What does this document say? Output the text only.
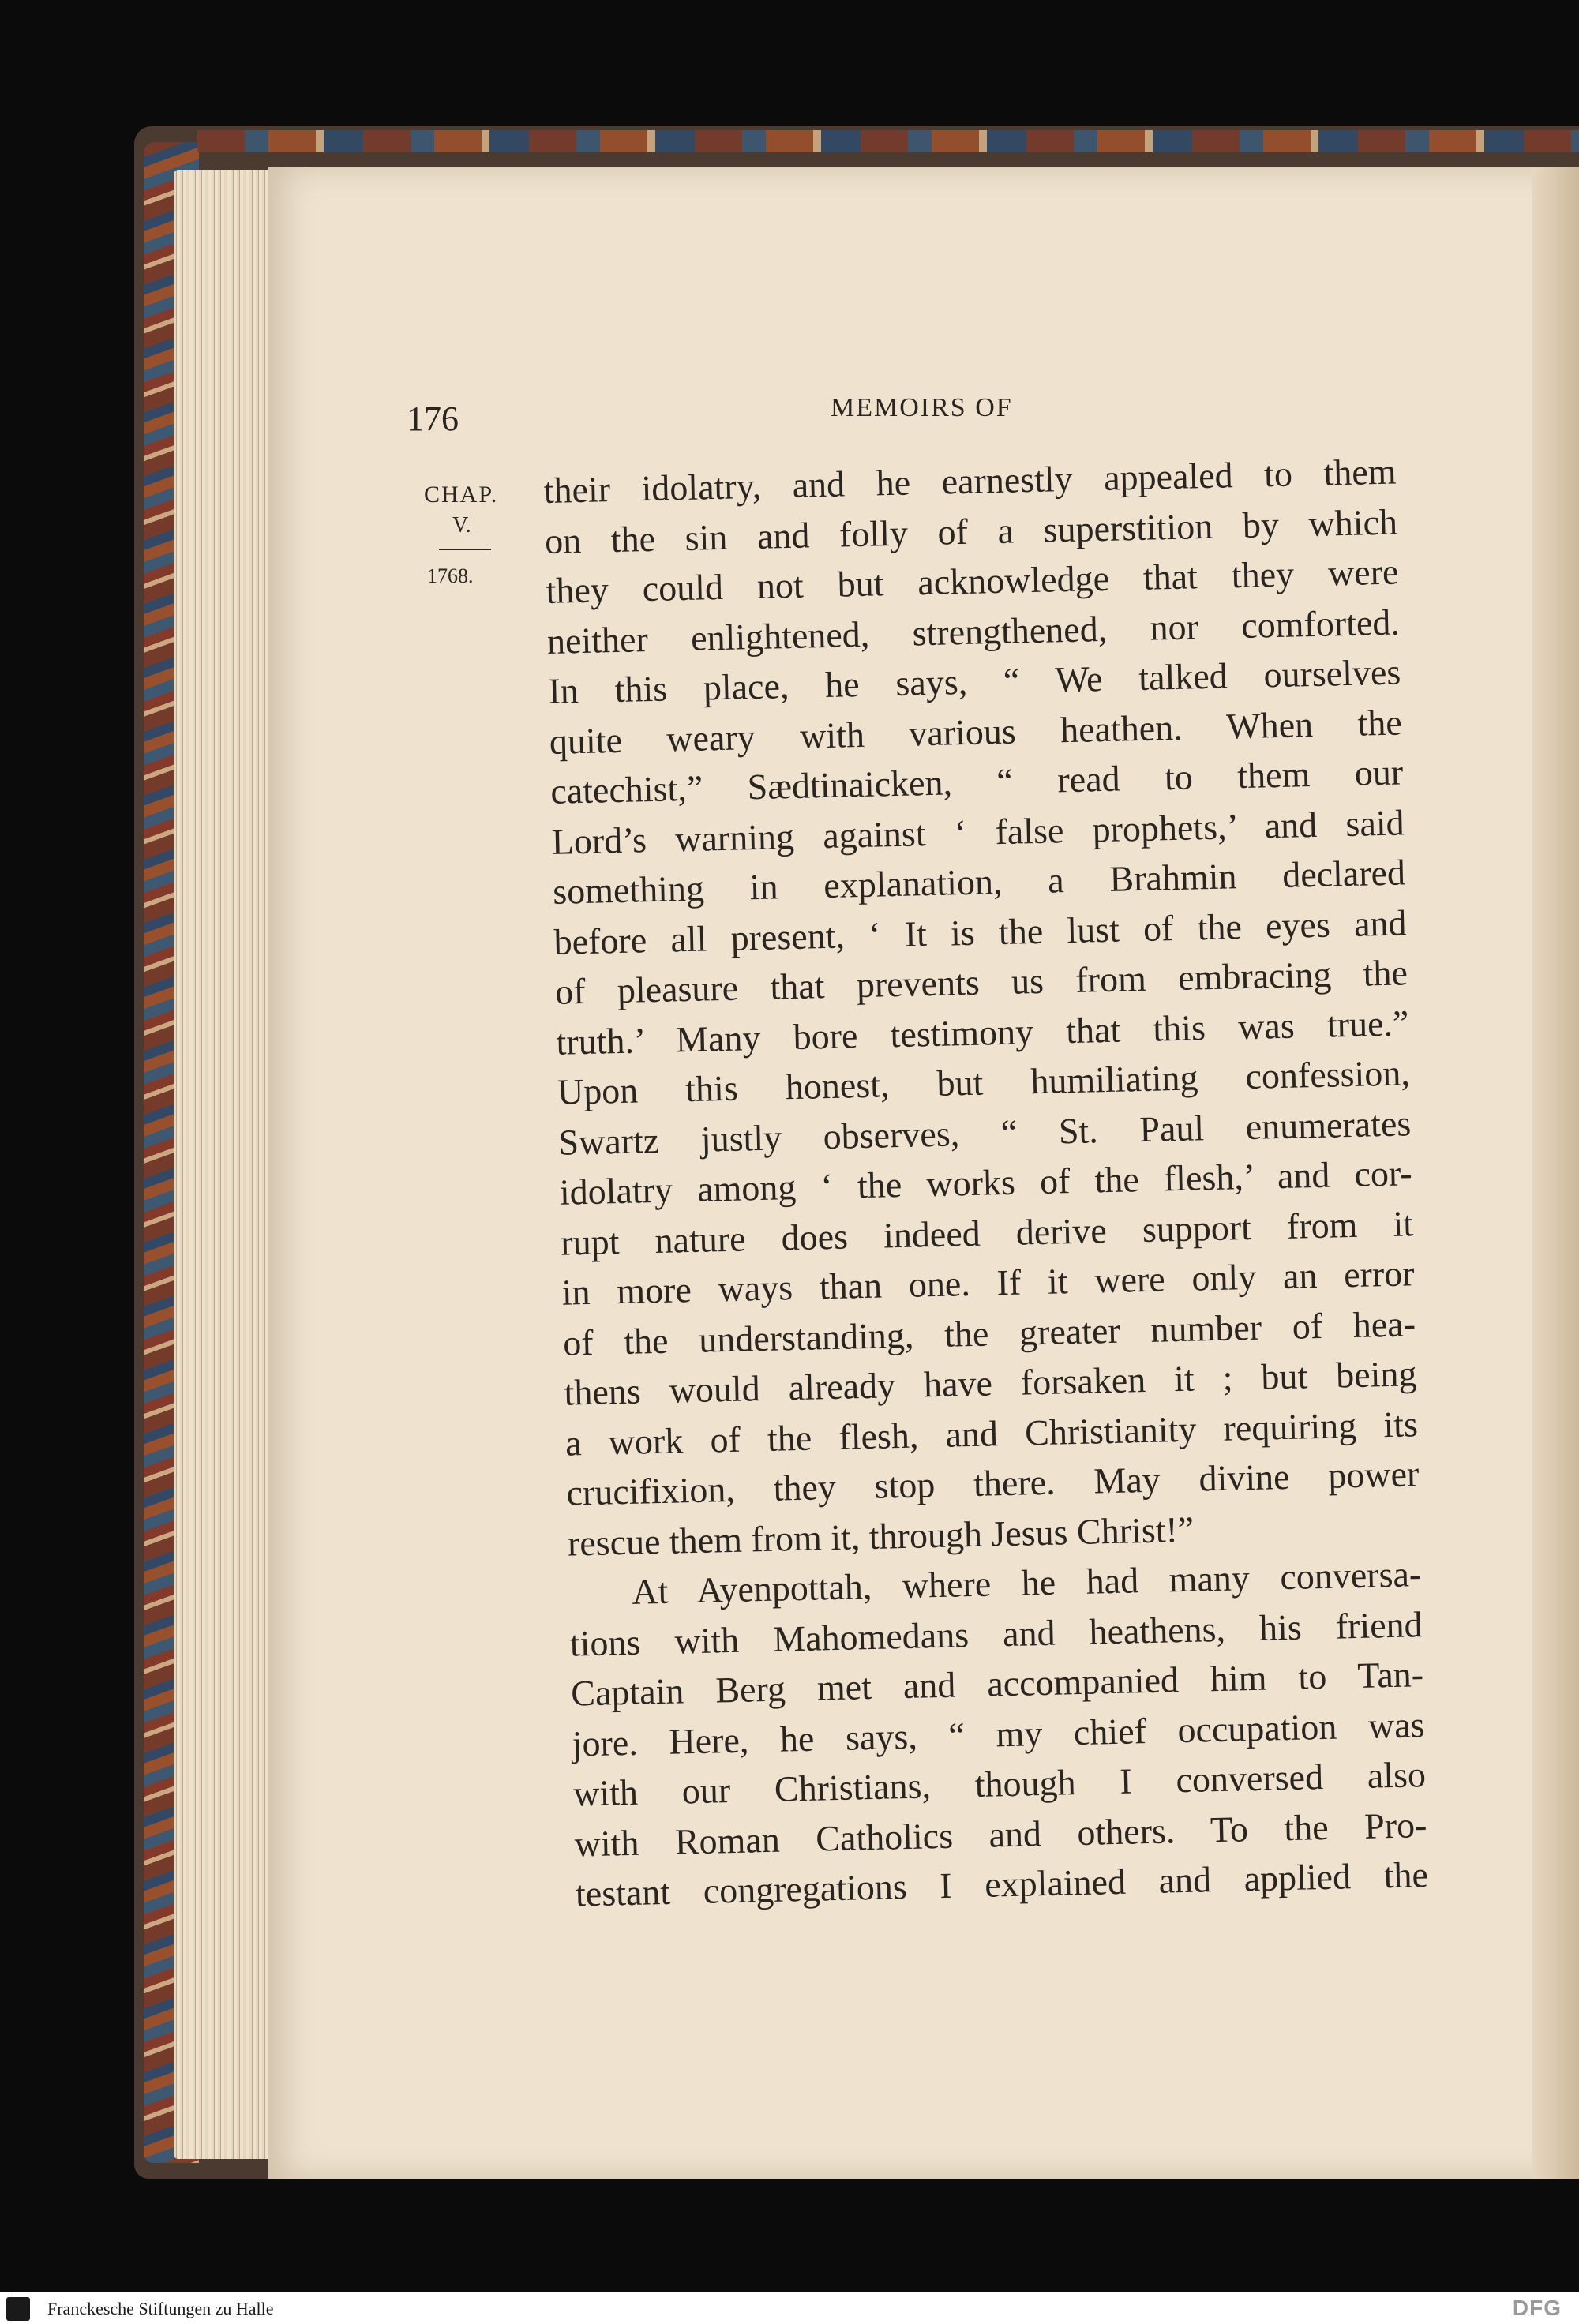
176	MEMOIRS OF
CHAP.
V.
1768.
their idolatry, and he earnestly appealed to them
on the sin and folly of a superstition by which
they could not but acknowledge that they were
neither enlightened, strengthened, nor comforted.
In this place, he says, “ We talked ourselves
quite weary with various heathen. When the
catechist,” Sædtinaicken, “ read to them our
Lord’s warning against ‘ false prophets,’ and said
something in explanation, a Brahmin declared
before all present, ‘ It is the lust of the eyes and
of pleasure that prevents us from embracing the
truth.’ Many bore testimony that this was true.”
Upon this honest, but humiliating confession,
Swartz justly observes, “ St. Paul enumerates
idolatry among ‘ the works of the flesh,’ and cor-
rupt nature does indeed derive support from it
in more ways than one. If it were only an error
of the understanding, the greater number of hea-
thens would already have forsaken it ; but being
a work of the flesh, and Christianity requiring its
crucifixion, they stop there. May divine power
rescue them from it, through Jesus Christ!”
At Ayenpottah, where he had many conversa-
tions with Mahomedans and heathens, his friend
Captain Berg met and accompanied him to Tan-
jore. Here, he says, “ my chief occupation was
with our Christians, though I conversed also
with Roman Catholics and others. To the Pro-
testant congregations I explained and applied the
Franckesche Stiftungen zu Halle	DFG
